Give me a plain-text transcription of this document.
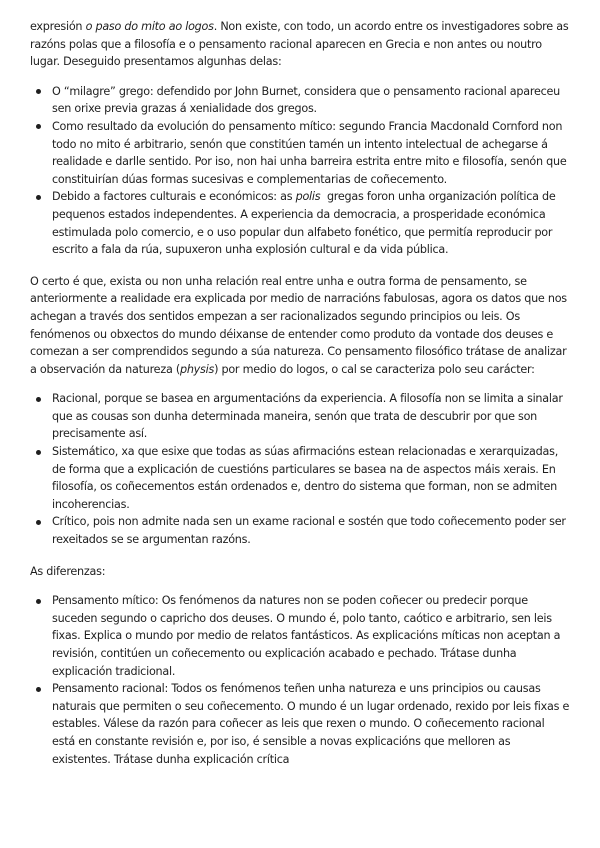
expresión o paso do mito ao logos. Non existe, con todo, un acordo entre os investigadores sobre as razóns polas que a filosofía e o pensamento racional aparecen en Grecia e non antes ou noutro lugar. Deseguido presentamos algunhas delas:

O “milagre” grego: defendido por John Burnet, considera que o pensamento racional apareceu sen orixe previa grazas á xenialidade dos gregos.
Como resultado da evolución do pensamento mítico: segundo Francia Macdonald Cornford non todo no mito é arbitrario, senón que constitúen tamén un intento intelectual de achegarse á realidade e darlle sentido. Por iso, non hai unha barreira estrita entre mito e filosofía, senón que constituirían dúas formas sucesivas e complementarias de coñecemento.
Debido a factores culturais e económicos: as polis  gregas foron unha organización política de pequenos estados independentes. A experiencia da democracia, a prosperidade económica estimulada polo comercio, e o uso popular dun alfabeto fonético, que permitía reproducir por escrito a fala da rúa, supuxeron unha explosión cultural e da vida pública.

O certo é que, exista ou non unha relación real entre unha e outra forma de pensamento, se anteriormente a realidade era explicada por medio de narracións fabulosas, agora os datos que nos achegan a través dos sentidos empezan a ser racionalizados segundo principios ou leis. Os fenómenos ou obxectos do mundo déixanse de entender como produto da vontade dos deuses e comezan a ser comprendidos segundo a súa natureza. Co pensamento filosófico trátase de analizar a observación da natureza (physis) por medio do logos, o cal se caracteriza polo seu carácter:

Racional, porque se basea en argumentacións da experiencia. A filosofía non se limita a sinalar que as cousas son dunha determinada maneira, senón que trata de descubrir por que son precisamente así.
Sistemático, xa que esixe que todas as súas afirmacións estean relacionadas e xerarquizadas, de forma que a explicación de cuestións particulares se basea na de aspectos máis xerais. En filosofía, os coñecementos están ordenados e, dentro do sistema que forman, non se admiten incoherencias.
Crítico, pois non admite nada sen un exame racional e sostén que todo coñecemento poder ser rexeitados se se argumentan razóns.

As diferenzas:

Pensamento mítico: Os fenómenos da natures non se poden coñecer ou predecir porque suceden segundo o capricho dos deuses. O mundo é, polo tanto, caótico e arbitrario, sen leis fixas. Explica o mundo por medio de relatos fantásticos. As explicacións míticas non aceptan a revisión, contitúen un coñecemento ou explicación acabado e pechado. Trátase dunha explicación tradicional.
Pensamento racional: Todos os fenómenos teñen unha natureza e uns principios ou causas naturais que permiten o seu coñecemento. O mundo é un lugar ordenado, rexido por leis fixas e estables. Válese da razón para coñecer as leis que rexen o mundo. O coñecemento racional está en constante revisión e, por iso, é sensible a novas explicacións que melloren as existentes. Trátase dunha explicación crítica
